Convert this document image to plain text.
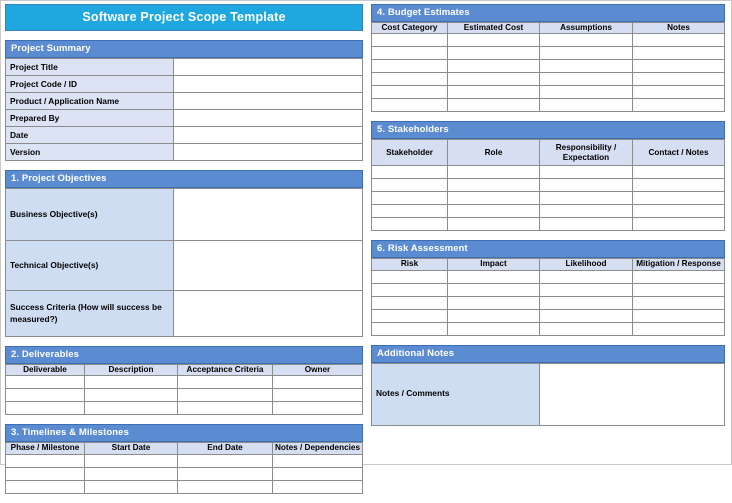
Software Project Scope Template
Project Summary
Project Title	
Project Code / ID	
Product / Application Name	
Prepared By	
Date	
Version	
1. Project Objectives
Business Objective(s)	
Technical Objective(s)	
Success Criteria (How will success be measured?)	
2. Deliverables
Deliverable	Description	Acceptance Criteria	Owner

3. Timelines & Milestones
Phase / Milestone	Start Date	End Date	Notes / Dependencies

4. Budget Estimates
Cost Category	Estimated Cost	Assumptions	Notes

5. Stakeholders
Stakeholder	Role	Responsibility / Expectation	Contact / Notes

6. Risk Assessment
Risk	Impact	Likelihood	Mitigation / Response

Additional Notes
Notes / Comments	
